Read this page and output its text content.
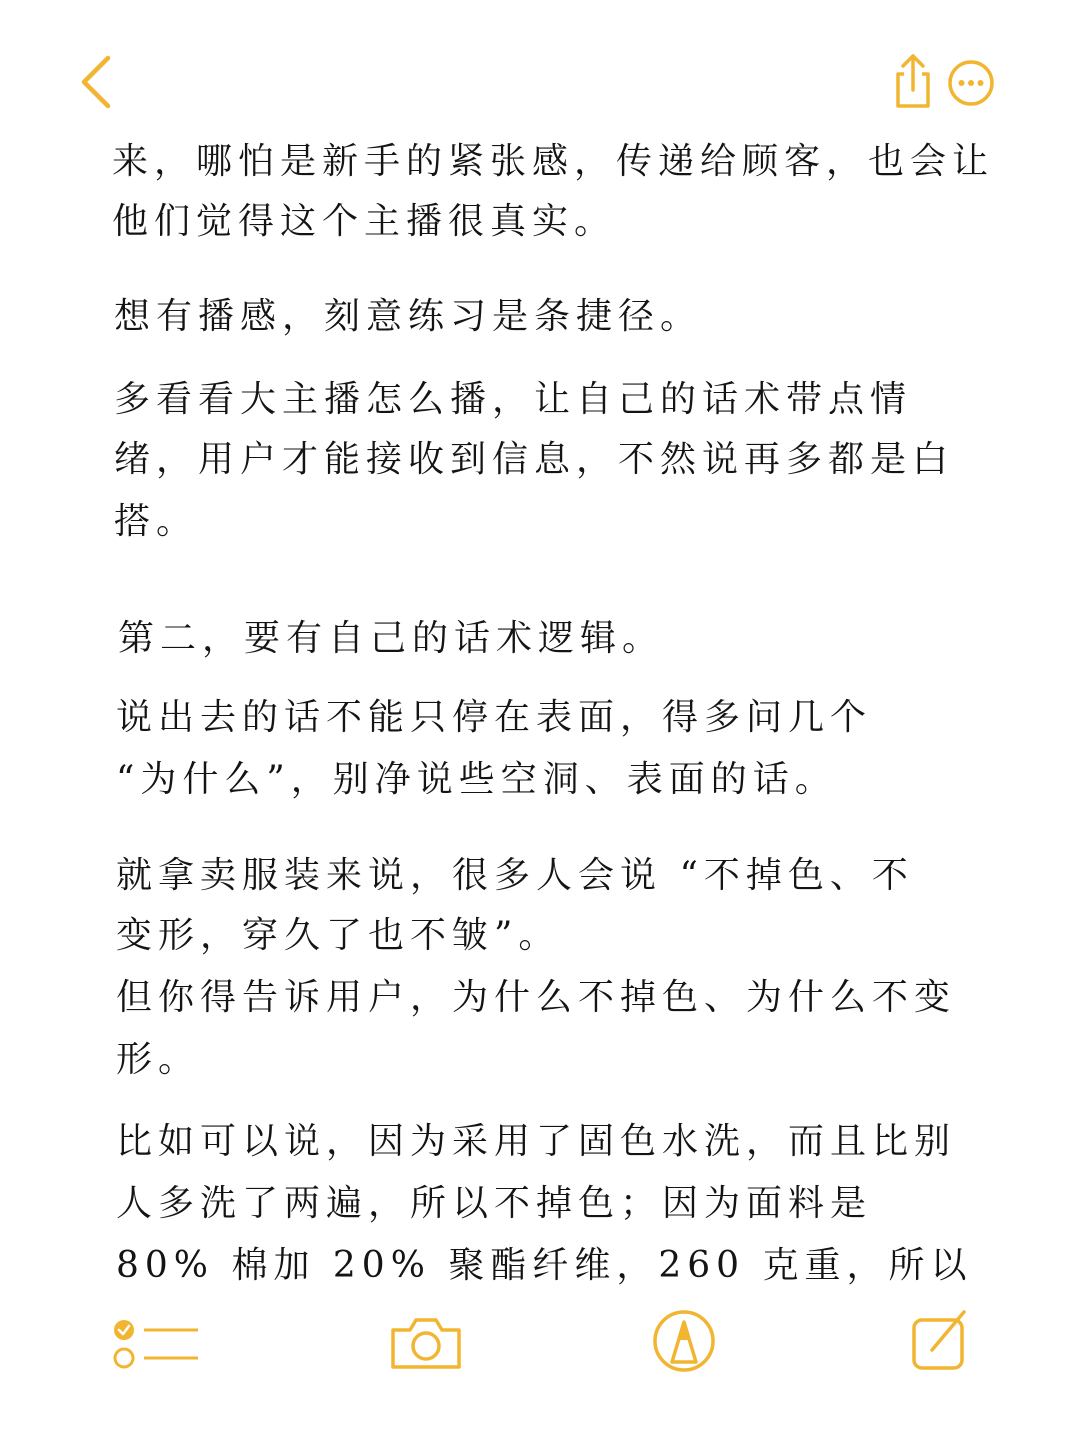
来，哪怕是新手的紧张感，传递给顾客，也会让
他们觉得这个主播很真实。
想有播感，刻意练习是条捷径。
多看看大主播怎么播，让自己的话术带点情
绪，用户才能接收到信息，不然说再多都是白
搭。
第二，要有自己的话术逻辑。
说出去的话不能只停在表面，得多问几个
“为什么”，别净说些空洞、表面的话。
就拿卖服装来说，很多人会说 “不掉色、不
变形，穿久了也不皱”。
但你得告诉用户，为什么不掉色、为什么不变
形。
比如可以说，因为采用了固色水洗，而且比别
人多洗了两遍，所以不掉色；因为面料是
80% 棉加 20% 聚酯纤维，260 克重，所以
